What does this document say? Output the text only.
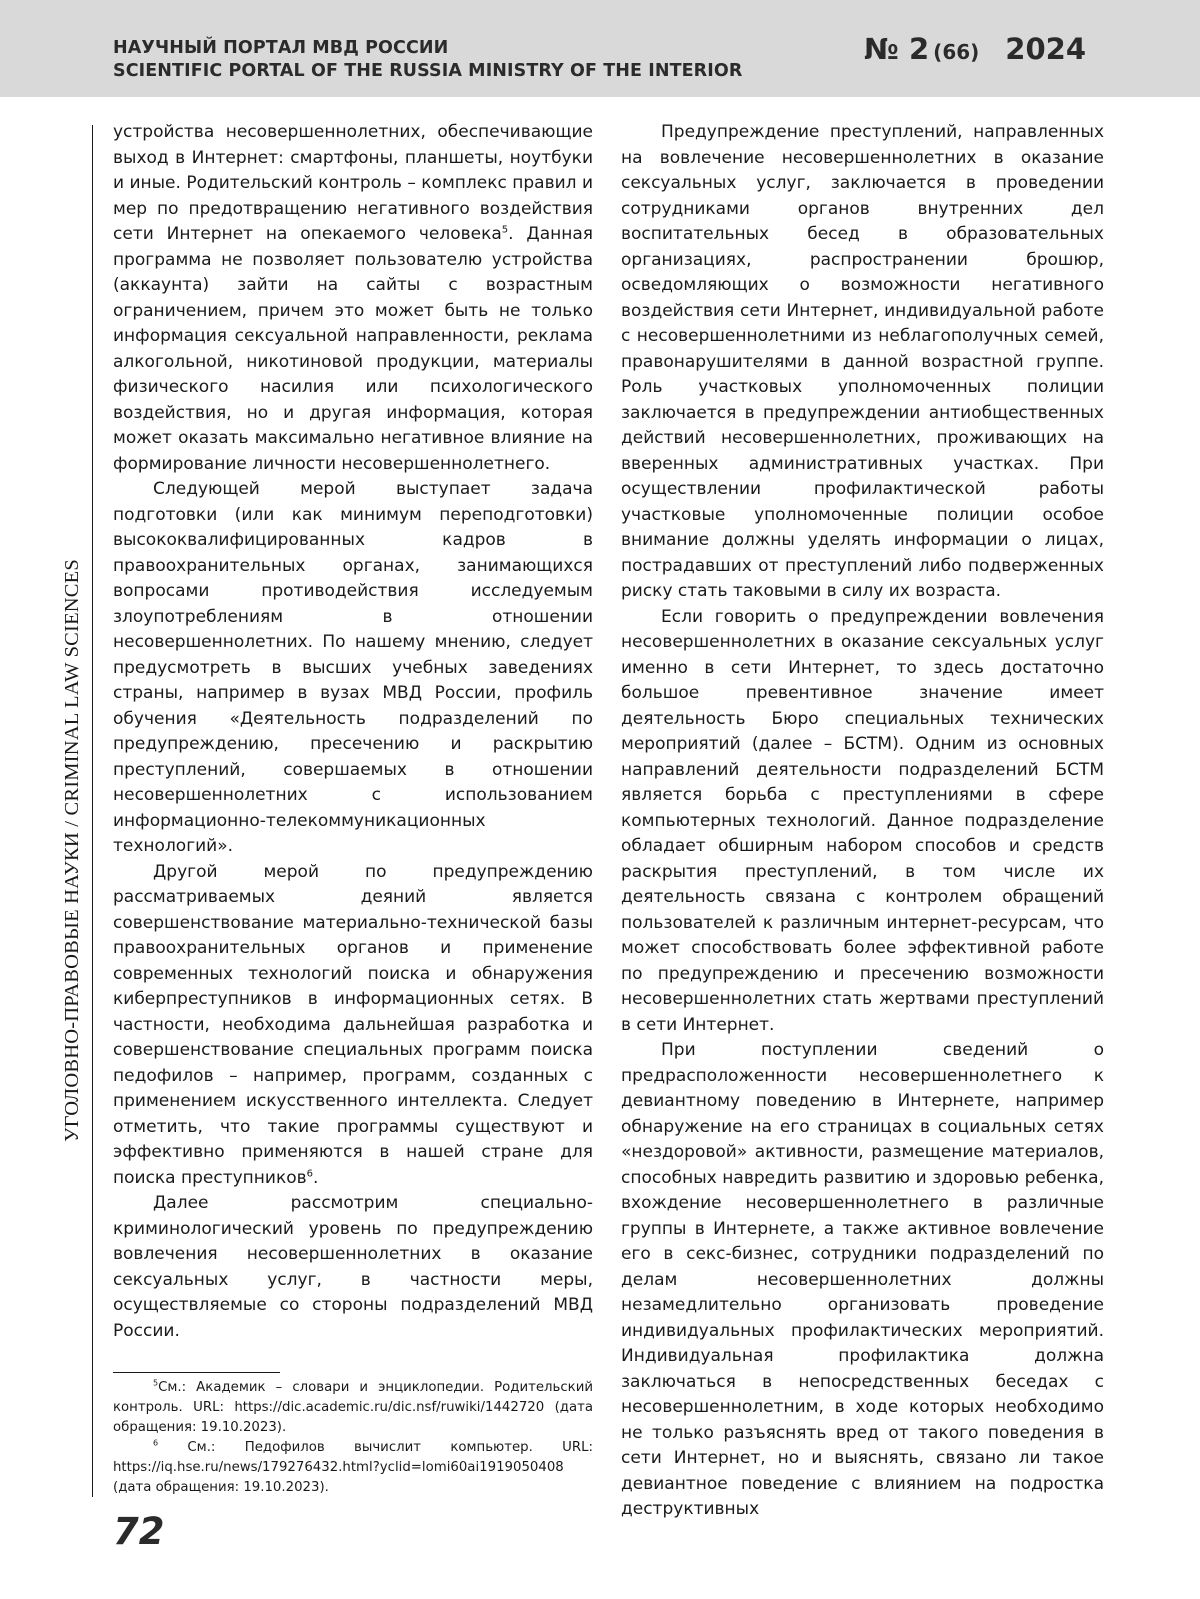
НАУЧНЫЙ ПОРТАЛ МВД РОССИИ
SCIENTIFIC PORTAL OF THE RUSSIA MINISTRY OF THE INTERIOR
№ 2 (66) 2024
УГОЛОВНО-ПРАВОВЫЕ НАУКИ / CRIMINAL LAW SCIENCES

устройства несовершеннолетних, обеспечивающие выход в Интернет: смартфоны, планшеты, ноутбуки и иные. Родительский контроль – комплекс правил и мер по предотвращению негативного воздействия сети Интернет на опекаемого человека$^5$. Данная программа не позволяет пользователю устройства (аккаунта) зайти на сайты с возрастным ограничением, причем это может быть не только информация сексуальной направленности, реклама алкогольной, никотиновой продукции, материалы физического насилия или психологического воздействия, но и другая информация, которая может оказать максимально негативное влияние на формирование личности несовершеннолетнего.

Следующей мерой выступает задача подготовки (или как минимум переподготовки) высококвалифицированных кадров в правоохранительных органах, занимающихся вопросами противодействия исследуемым злоупотреблениям в отношении несовершеннолетних. По нашему мнению, следует предусмотреть в высших учебных заведениях страны, например в вузах МВД России, профиль обучения «Деятельность подразделений по предупреждению, пресечению и раскрытию преступлений, совершаемых в отношении несовершеннолетних с использованием информационно-телекоммуникационных технологий».

Другой мерой по предупреждению рассматриваемых деяний является совершенствование материально-технической базы правоохранительных органов и применение современных технологий поиска и обнаружения киберпреступников в информационных сетях. В частности, необходима дальнейшая разработка и совершенствование специальных программ поиска педофилов – например, программ, созданных с применением искусственного интеллекта. Следует отметить, что такие программы существуют и эффективно применяются в нашей стране для поиска преступников$^6$.

Далее рассмотрим специально-криминологический уровень по предупреждению вовлечения несовершеннолетних в оказание сексуальных услуг, в частности меры, осуществляемые со стороны подразделений МВД России.

$^5$См.: Академик – словари и энциклопедии. Родительский контроль. URL: https://dic.academic.ru/dic.nsf/ruwiki/1442720 (дата обращения: 19.10.2023).

$^6$ См.: Педофилов вычислит компьютер. URL: https://iq.hse.ru/news/179276432.html?yclid=lomi60ai1919050408 (дата обращения: 19.10.2023).

Предупреждение преступлений, направленных на вовлечение несовершеннолетних в оказание сексуальных услуг, заключается в проведении сотрудниками органов внутренних дел воспитательных бесед в образовательных организациях, распространении брошюр, осведомляющих о возможности негативного воздействия сети Интернет, индивидуальной работе с несовершеннолетними из неблагополучных семей, правонарушителями в данной возрастной группе. Роль участковых уполномоченных полиции заключается в предупреждении антиобщественных действий несовершеннолетних, проживающих на вверенных административных участках. При осуществлении профилактической работы участковые уполномоченные полиции особое внимание должны уделять информации о лицах, пострадавших от преступлений либо подверженных риску стать таковыми в силу их возраста.

Если говорить о предупреждении вовлечения несовершеннолетних в оказание сексуальных услуг именно в сети Интернет, то здесь достаточно большое превентивное значение имеет деятельность Бюро специальных технических мероприятий (далее – БСТМ). Одним из основных направлений деятельности подразделений БСТМ является борьба с преступлениями в сфере компьютерных технологий. Данное подразделение обладает обширным набором способов и средств раскрытия преступлений, в том числе их деятельность связана с контролем обращений пользователей к различным интернет-ресурсам, что может способствовать более эффективной работе по предупреждению и пресечению возможности несовершеннолетних стать жертвами преступлений в сети Интернет.

При поступлении сведений о предрасположенности несовершеннолетнего к девиантному поведению в Интернете, например обнаружение на его страницах в социальных сетях «нездоровой» активности, размещение материалов, способных навредить развитию и здоровью ребенка, вхождение несовершеннолетнего в различные группы в Интернете, а также активное вовлечение его в секс-бизнес, сотрудники подразделений по делам несовершеннолетних должны незамедлительно организовать проведение индивидуальных профилактических мероприятий. Индивидуальная профилактика должна заключаться в непосредственных беседах с несовершеннолетним, в ходе которых необходимо не только разъяснять вред от такого поведения в сети Интернет, но и выяснять, связано ли такое девиантное поведение с влиянием на подростка деструктивных

72
